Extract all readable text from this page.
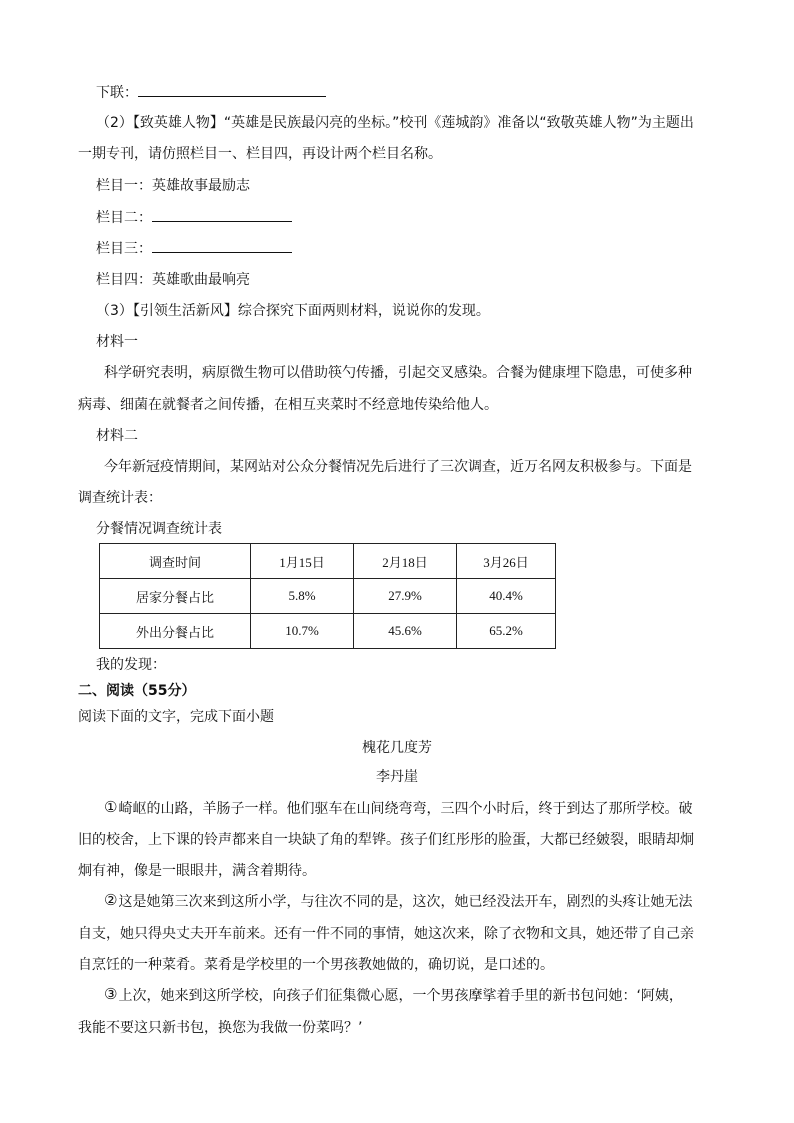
下联：
（2）【致英雄人物】“英雄是民族最闪亮的坐标。”校刊《莲城韵》准备以“致敬英雄人物”为主题出
一期专刊，请仿照栏目一、栏目四，再设计两个栏目名称。
栏目一：英雄故事最励志
栏目二：
栏目三：
栏目四：英雄歌曲最响亮
（3）【引领生活新风】综合探究下面两则材料，说说你的发现。
材料一
科学研究表明，病原微生物可以借助筷勺传播，引起交叉感染。合餐为健康埋下隐患，可使多种
病毒、细菌在就餐者之间传播，在相互夹菜时不经意地传染给他人。
材料二
今年新冠疫情期间，某网站对公众分餐情况先后进行了三次调查，近万名网友积极参与。下面是
调查统计表：
分餐情况调查统计表
调查时间	1月15日	2月18日	3月26日
居家分餐占比	5.8%	27.9%	40.4%
外出分餐占比	10.7%	45.6%	65.2%
我的发现：
二、阅读（55分）
阅读下面的文字，完成下面小题
槐花几度芳
李丹崖
①崎岖的山路，羊肠子一样。他们驱车在山间绕弯弯，三四个小时后，终于到达了那所学校。破
旧的校舍，上下课的铃声都来自一块缺了角的犁铧。孩子们红彤彤的脸蛋，大都已经皴裂，眼睛却炯
炯有神，像是一眼眼井，满含着期待。
②这是她第三次来到这所小学，与往次不同的是，这次，她已经没法开车，剧烈的头疼让她无法
自支，她只得央丈夫开车前来。还有一件不同的事情，她这次来，除了衣物和文具，她还带了自己亲
自烹饪的一种菜肴。菜肴是学校里的一个男孩教她做的，确切说，是口述的。
③上次，她来到这所学校，向孩子们征集微心愿，一个男孩摩挲着手里的新书包问她：‘阿姨，
我能不要这只新书包，换您为我做一份菜吗？’
